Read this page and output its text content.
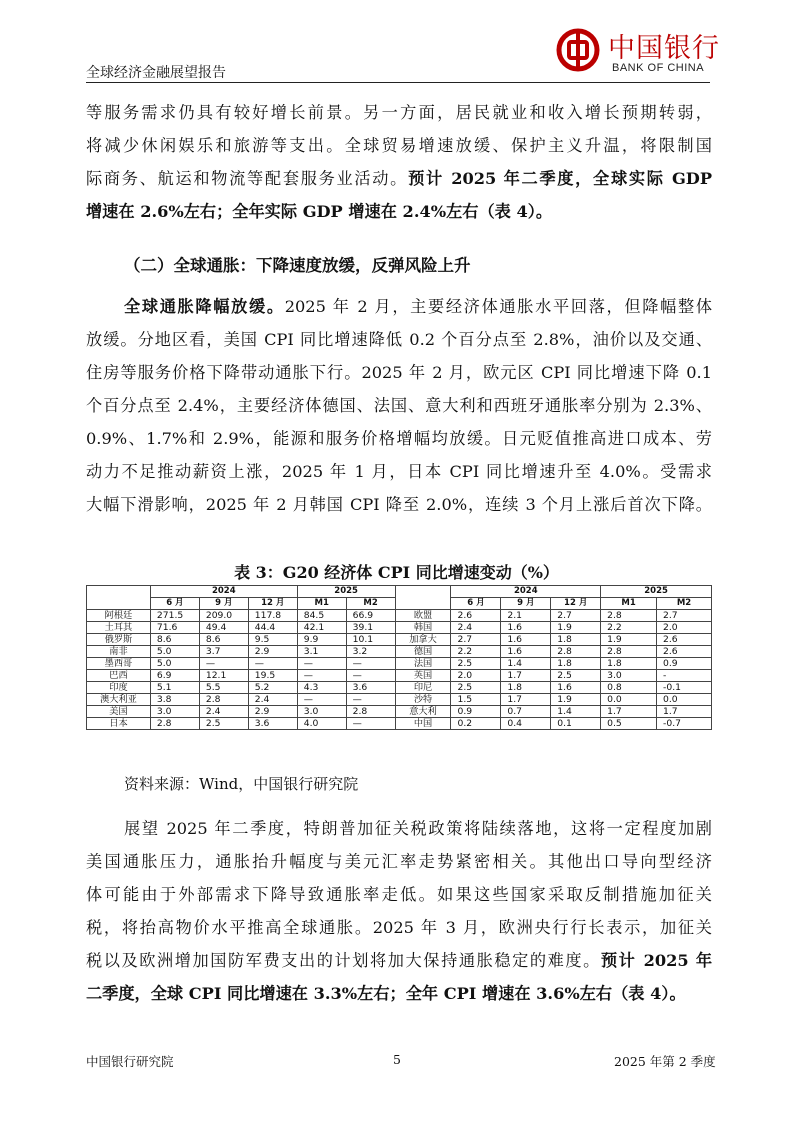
全球经济金融展望报告
中国银行
BANK OF CHINA
等服务需求仍具有较好增长前景。另一方面，居民就业和收入增长预期转弱，
将减少休闲娱乐和旅游等支出。全球贸易增速放缓、保护主义升温，将限制国
际商务、航运和物流等配套服务业活动。预计 2025 年二季度，全球实际 GDP
增速在 2.6%左右；全年实际 GDP 增速在 2.4%左右（表 4）。
（二）全球通胀：下降速度放缓，反弹风险上升
全球通胀降幅放缓。2025 年 2 月，主要经济体通胀水平回落，但降幅整体
放缓。分地区看，美国 CPI 同比增速降低 0.2 个百分点至 2.8%，油价以及交通、
住房等服务价格下降带动通胀下行。2025 年 2 月，欧元区 CPI 同比增速下降 0.1
个百分点至 2.4%，主要经济体德国、法国、意大利和西班牙通胀率分别为 2.3%、
0.9%、1.7%和 2.9%，能源和服务价格增幅均放缓。日元贬值推高进口成本、劳
动力不足推动薪资上涨，2025 年 1 月，日本 CPI 同比增速升至 4.0%。受需求
大幅下滑影响，2025 年 2 月韩国 CPI 降至 2.0%，连续 3 个月上涨后首次下降。
表 3：G20 经济体 CPI 同比增速变动（%）
	2024			2025			2024			2025	
	6 月	9 月	12 月	M1	M2		6 月	9 月	12 月	M1	M2
阿根廷	271.5	209.0	117.8	84.5	66.9	欧盟	2.6	2.1	2.7	2.8	2.7
土耳其	71.6	49.4	44.4	42.1	39.1	韩国	2.4	1.6	1.9	2.2	2.0
俄罗斯	8.6	8.6	9.5	9.9	10.1	加拿大	2.7	1.6	1.8	1.9	2.6
南非	5.0	3.7	2.9	3.1	3.2	德国	2.2	1.6	2.8	2.8	2.6
墨西哥	5.0	—	—	—	—	法国	2.5	1.4	1.8	1.8	0.9
巴西	6.9	12.1	19.5	—	—	英国	2.0	1.7	2.5	3.0	-
印度	5.1	5.5	5.2	4.3	3.6	印尼	2.5	1.8	1.6	0.8	-0.1
澳大利亚	3.8	2.8	2.4	—	—	沙特	1.5	1.7	1.9	0.0	0.0
美国	3.0	2.4	2.9	3.0	2.8	意大利	0.9	0.7	1.4	1.7	1.7
日本	2.8	2.5	3.6	4.0	—	中国	0.2	0.4	0.1	0.5	-0.7
资料来源：Wind，中国银行研究院
展望 2025 年二季度，特朗普加征关税政策将陆续落地，这将一定程度加剧
美国通胀压力，通胀抬升幅度与美元汇率走势紧密相关。其他出口导向型经济
体可能由于外部需求下降导致通胀率走低。如果这些国家采取反制措施加征关
税，将抬高物价水平推高全球通胀。2025 年 3 月，欧洲央行行长表示，加征关
税以及欧洲增加国防军费支出的计划将加大保持通胀稳定的难度。预计 2025 年
二季度，全球 CPI 同比增速在 3.3%左右；全年 CPI 增速在 3.6%左右（表 4）。
中国银行研究院	5	2025 年第 2 季度
